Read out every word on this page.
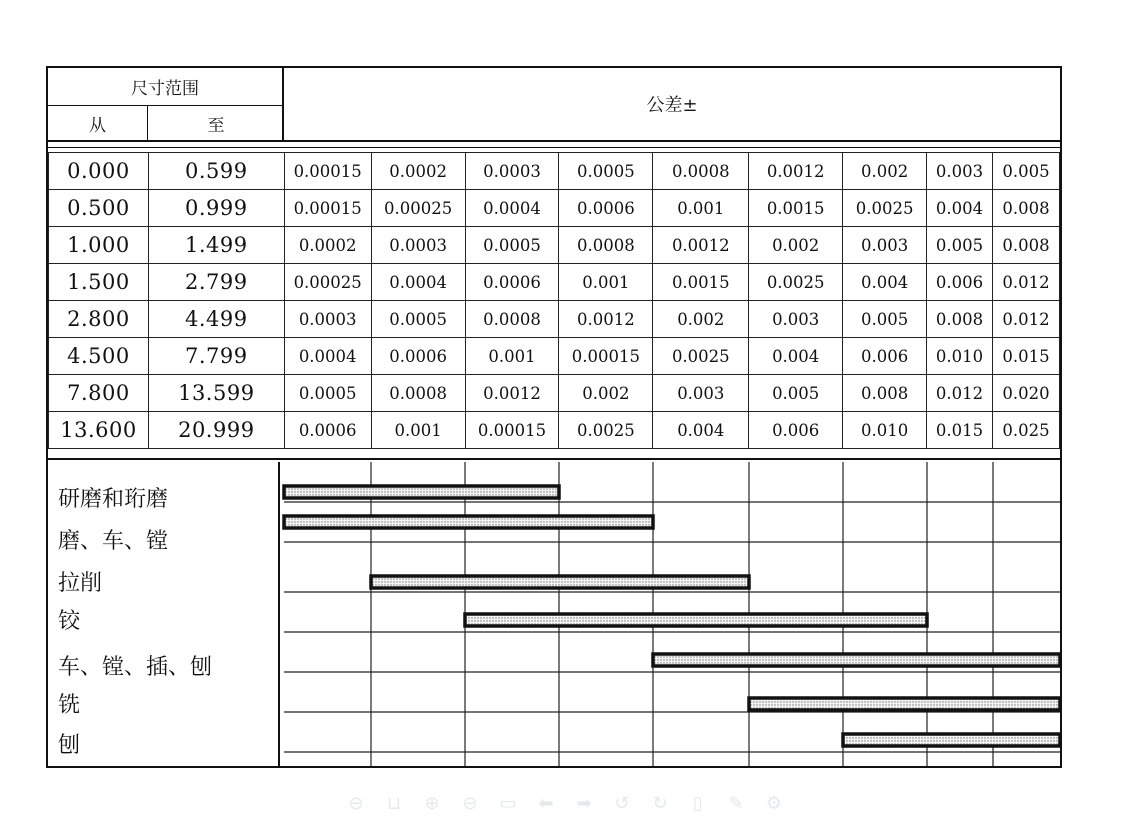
尺寸范围
从	至
公差±
0.000	0.599	0.00015	0.0002	0.0003	0.0005	0.0008	0.0012	0.002	0.003	0.005
0.500	0.999	0.00015	0.00025	0.0004	0.0006	0.001	0.0015	0.0025	0.004	0.008
1.000	1.499	0.0002	0.0003	0.0005	0.0008	0.0012	0.002	0.003	0.005	0.008
1.500	2.799	0.00025	0.0004	0.0006	0.001	0.0015	0.0025	0.004	0.006	0.012
2.800	4.499	0.0003	0.0005	0.0008	0.0012	0.002	0.003	0.005	0.008	0.012
4.500	7.799	0.0004	0.0006	0.001	0.00015	0.0025	0.004	0.006	0.010	0.015
7.800	13.599	0.0005	0.0008	0.0012	0.002	0.003	0.005	0.008	0.012	0.020
13.600	20.999	0.0006	0.001	0.00015	0.0025	0.004	0.006	0.010	0.015	0.025
研磨和珩磨
磨、车、镗
拉削
铰
车、镗、插、刨
铣
刨
⊖ ⊔ ⊕ ⊖ ▭ ⬅ ➡ ↺ ↻	▯	✎ ⚙
